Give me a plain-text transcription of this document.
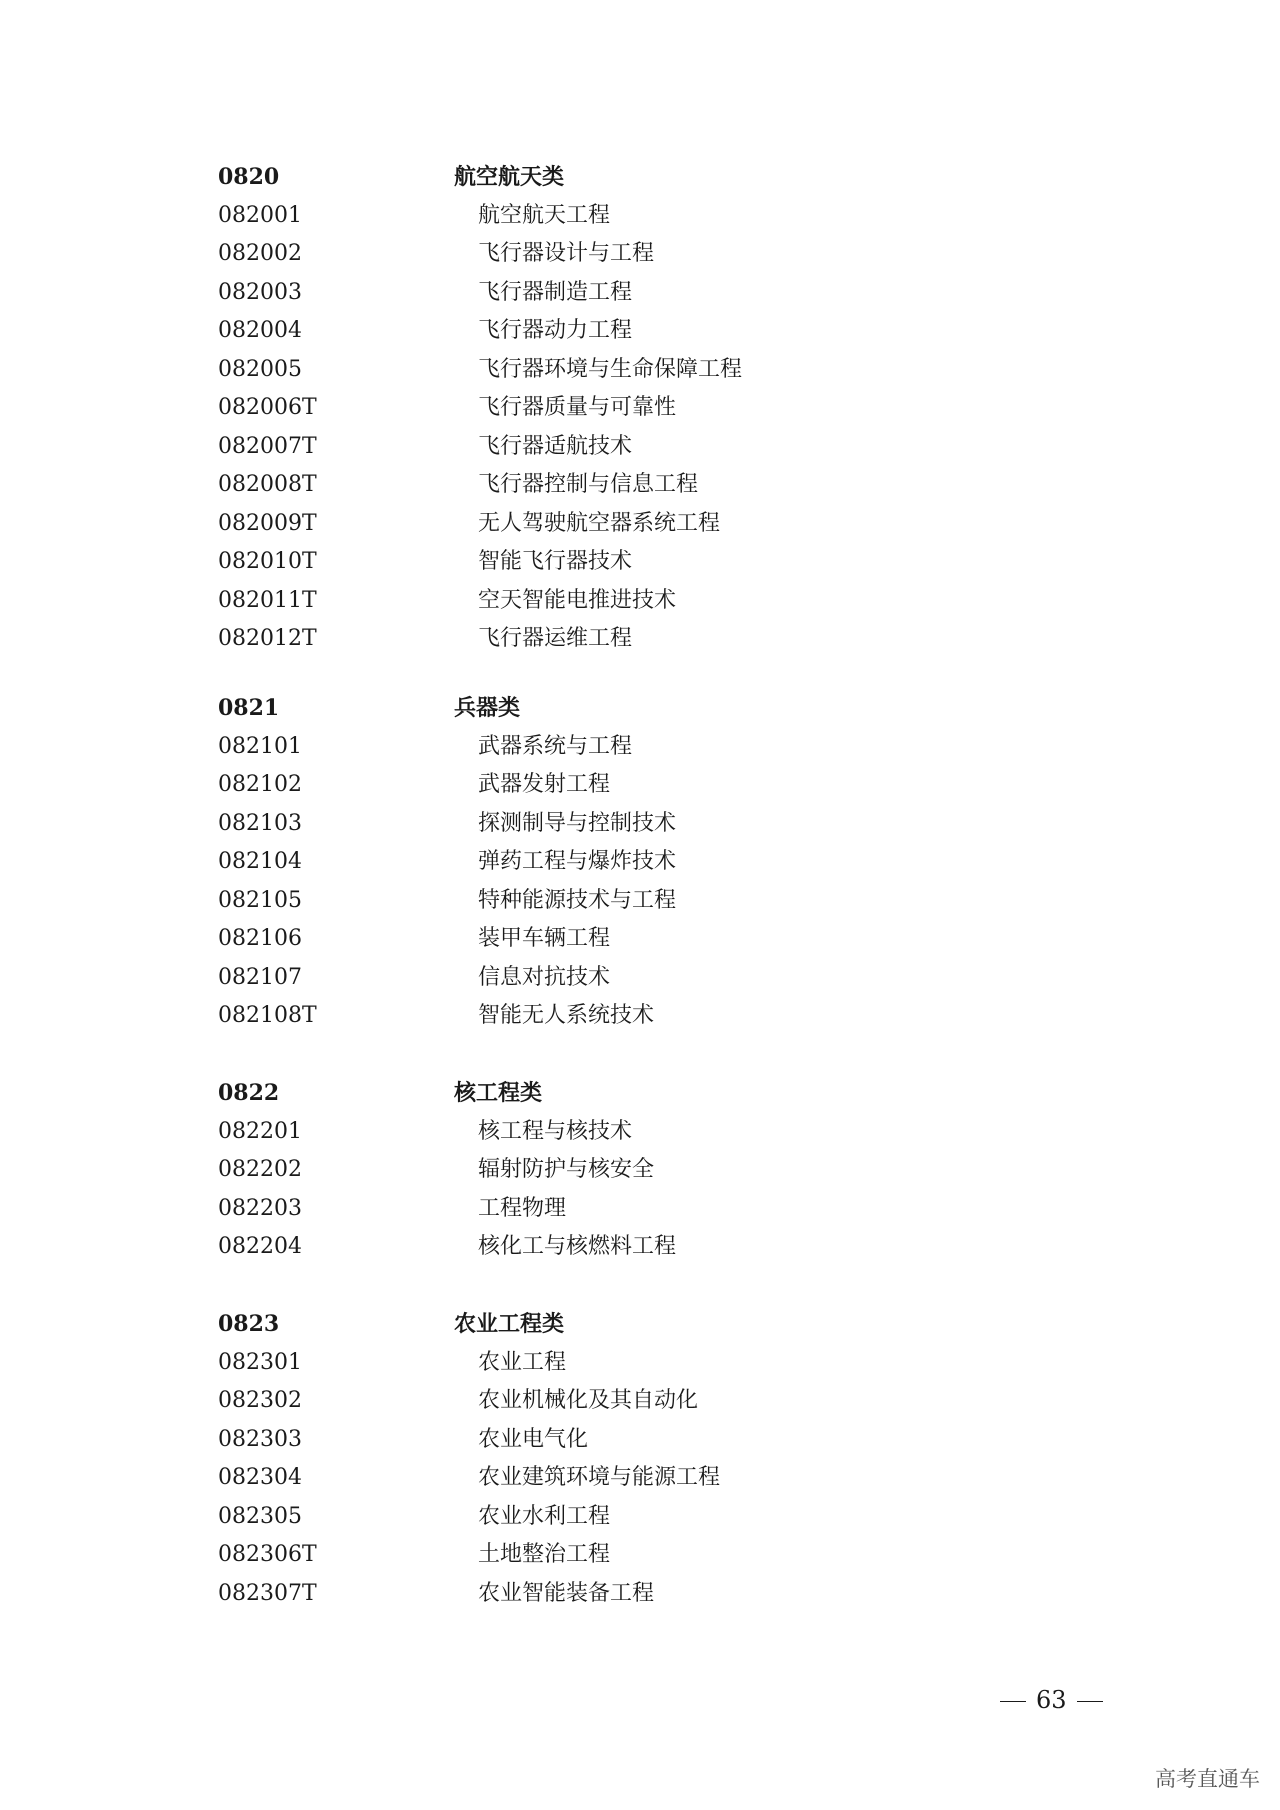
0820	航空航天类
082001	航空航天工程
082002	飞行器设计与工程
082003	飞行器制造工程
082004	飞行器动力工程
082005	飞行器环境与生命保障工程
082006T	飞行器质量与可靠性
082007T	飞行器适航技术
082008T	飞行器控制与信息工程
082009T	无人驾驶航空器系统工程
082010T	智能飞行器技术
082011T	空天智能电推进技术
082012T	飞行器运维工程
0821	兵器类
082101	武器系统与工程
082102	武器发射工程
082103	探测制导与控制技术
082104	弹药工程与爆炸技术
082105	特种能源技术与工程
082106	装甲车辆工程
082107	信息对抗技术
082108T	智能无人系统技术
0822	核工程类
082201	核工程与核技术
082202	辐射防护与核安全
082203	工程物理
082204	核化工与核燃料工程
0823	农业工程类
082301	农业工程
082302	农业机械化及其自动化
082303	农业电气化
082304	农业建筑环境与能源工程
082305	农业水利工程
082306T	土地整治工程
082307T	农业智能装备工程
63
高考直通车
